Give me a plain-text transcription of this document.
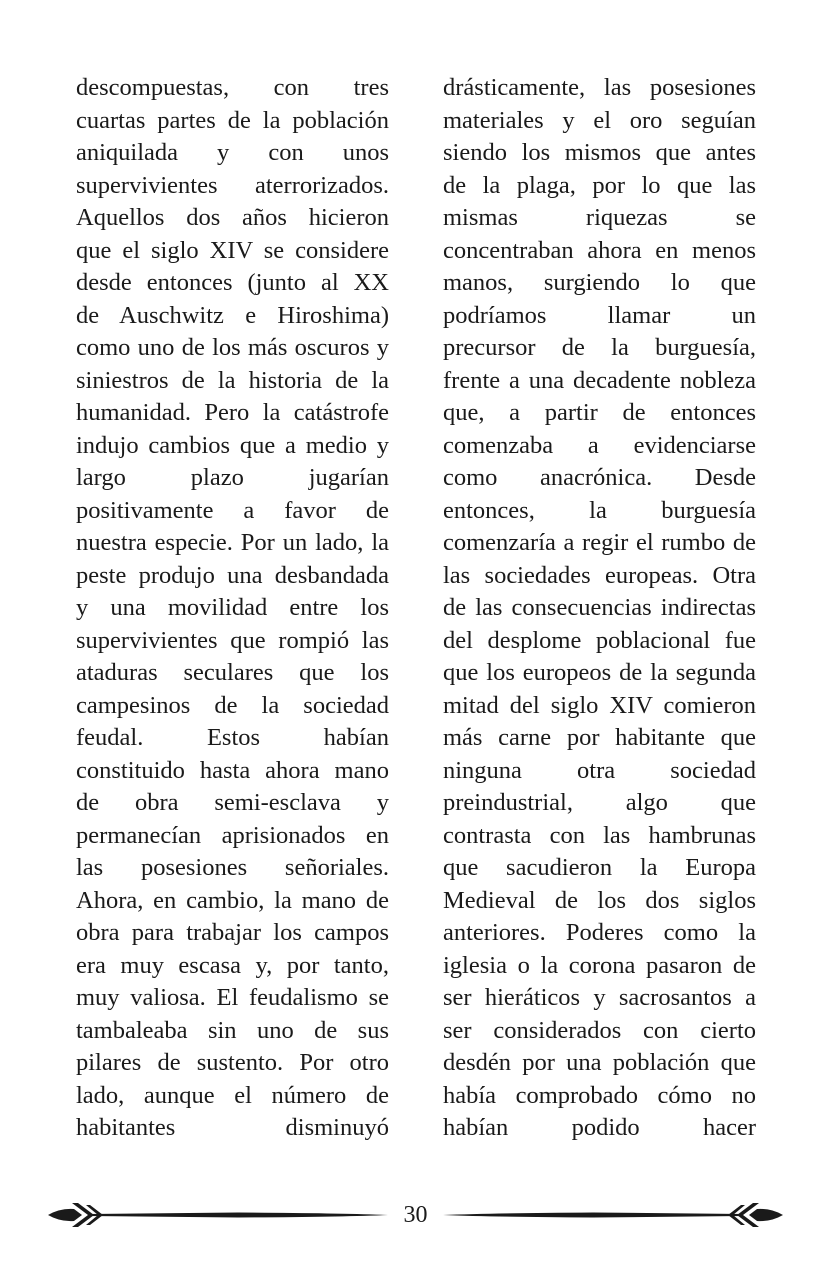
descompuestas, con tres
cuartas partes de la población
aniquilada y con unos
supervivientes aterrorizados.
Aquellos dos años hicieron
que el siglo XIV se considere
desde entonces (junto al XX
de Auschwitz e Hiroshima)
como uno de los más oscuros y
siniestros de la historia de la
humanidad. Pero la catástrofe
indujo cambios que a medio y
largo plazo jugarían
positivamente a favor de
nuestra especie. Por un lado, la
peste produjo una desbandada
y una movilidad entre los
supervivientes que rompió las
ataduras seculares que los
campesinos de la sociedad
feudal. Estos habían
constituido hasta ahora mano
de obra semi-esclava y
permanecían aprisionados en
las posesiones señoriales.
Ahora, en cambio, la mano de
obra para trabajar los campos
era muy escasa y, por tanto,
muy valiosa. El feudalismo se
tambaleaba sin uno de sus
pilares de sustento. Por otro
lado, aunque el número de
habitantes disminuyó
drásticamente, las posesiones
materiales y el oro seguían
siendo los mismos que antes
de la plaga, por lo que las
mismas riquezas se
concentraban ahora en menos
manos, surgiendo lo que
podríamos llamar un
precursor de la burguesía,
frente a una decadente nobleza
que, a partir de entonces
comenzaba a evidenciarse
como anacrónica. Desde
entonces, la burguesía
comenzaría a regir el rumbo de
las sociedades europeas. Otra
de las consecuencias indirectas
del desplome poblacional fue
que los europeos de la segunda
mitad del siglo XIV comieron
más carne por habitante que
ninguna otra sociedad
preindustrial, algo que
contrasta con las hambrunas
que sacudieron la Europa
Medieval de los dos siglos
anteriores. Poderes como la
iglesia o la corona pasaron de
ser hieráticos y sacrosantos a
ser considerados con cierto
desdén por una población que
había comprobado cómo no
habían podido hacer
30
